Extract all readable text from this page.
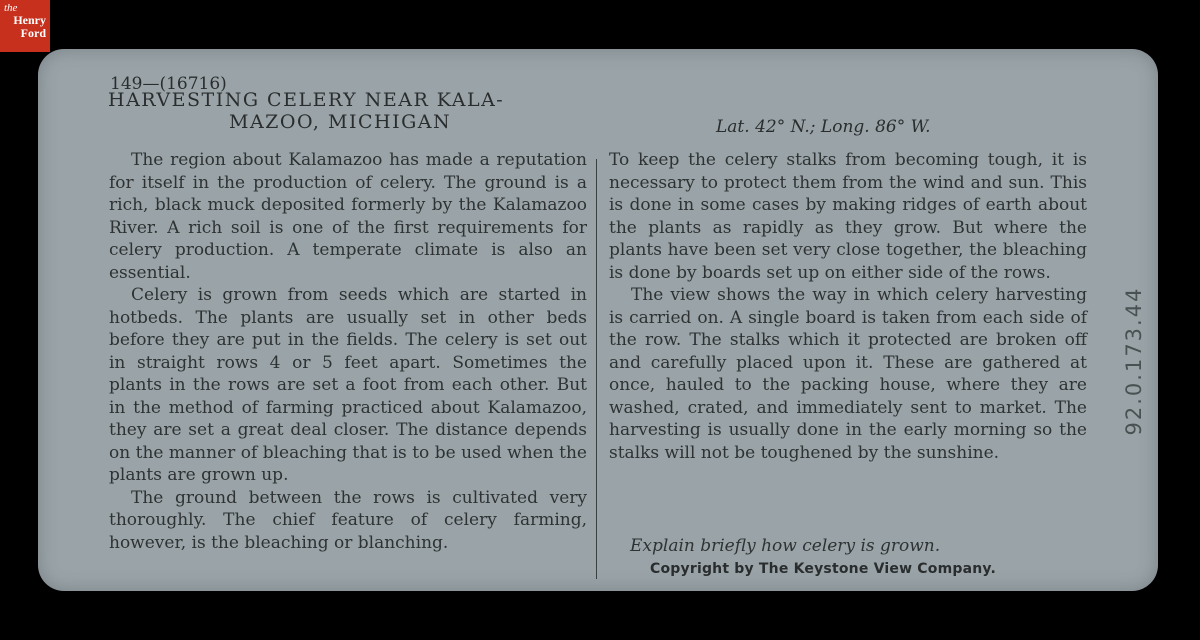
the
Henry
Ford
149—(16716)
HARVESTING CELERY NEAR KALA-
MAZOO, MICHIGAN	Lat. 42° N.; Long. 86° W.

The region about Kalamazoo has made a reputation for itself in the production of celery. The ground is a rich, black muck deposited formerly by the Kalamazoo River. A rich soil is one of the first requirements for celery production. A temperate climate is also an essential.

Celery is grown from seeds which are started in hotbeds. The plants are usually set in other beds before they are put in the fields. The celery is set out in straight rows 4 or 5 feet apart. Sometimes the plants in the rows are set a foot from each other. But in the method of farming practiced about Kalamazoo, they are set a great deal closer. The distance depends on the manner of bleaching that is to be used when the plants are grown up.

The ground between the rows is cultivated very thoroughly. The chief feature of celery farming, however, is the bleaching or blanching.

To keep the celery stalks from becoming tough, it is necessary to protect them from the wind and sun. This is done in some cases by making ridges of earth about the plants as rapidly as they grow. But where the plants have been set very close together, the bleaching is done by boards set up on either side of the rows.

The view shows the way in which celery harvesting is carried on. A single board is taken from each side of the row. The stalks which it protected are broken off and carefully placed upon it. These are gathered at once, hauled to the packing house, where they are washed, crated, and immediately sent to market. The harvesting is usually done in the early morning so the stalks will not be toughened by the sunshine.

Explain briefly how celery is grown.
Copyright by The Keystone View Company.
92.0.173.44
